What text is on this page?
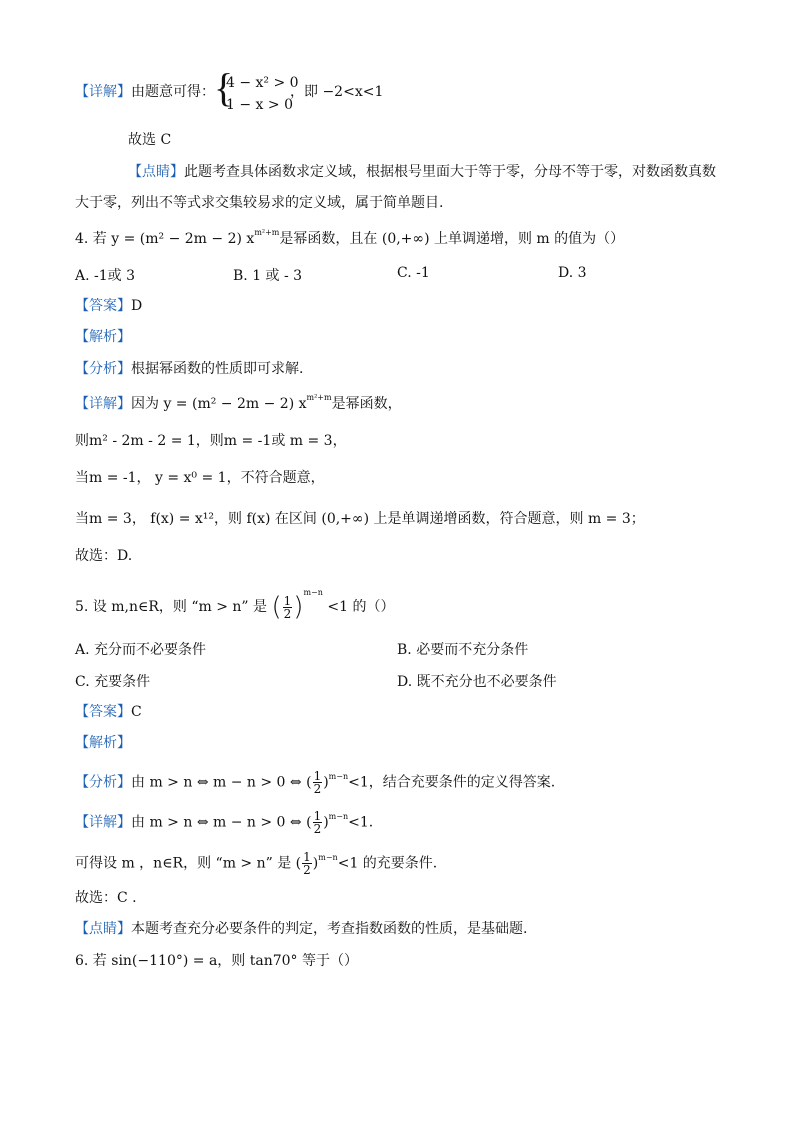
【详解】由题意可得： {
4 − x² > 0
1 − x > 0
，即 −2<x<1
故选 C
【点睛】此题考查具体函数求定义域，根据根号里面大于等于零，分母不等于零，对数函数真数
大于零，列出不等式求交集较易求的定义域，属于简单题目.
4. 若 y = (m² − 2m − 2) $x^{m^2+m}$是幂函数，且在 (0,+∞) 上单调递增，则 m 的值为（）
A. -1或 3	B. 1 或 - 3	C. -1	D. 3
【答案】D
【解析】
【分析】根据幂函数的性质即可求解.
【详解】因为 y = (m² − 2m − 2) $x^{m^2+m}$是幂函数，
则m² - 2m - 2 = 1，则m = -1或 m = 3，
当m = -1， y = x⁰ = 1，不符合题意，
当m = 3， f(x) = x¹²，则 f(x) 在区间 (0,+∞) 上是单调递增函数，符合题意，则 m = 3；
故选：D.
5. 设 m,n∈R，则 “m > n” 是 ( $\frac{1}{2} )^{m-n} <1$ 的（）
A. 充分而不必要条件	B. 必要而不充分条件
C. 充要条件	D. 既不充分也不必要条件
【答案】C
【解析】
【分析】由 m > n ⇔ m − n > 0 ⇔ ( $\frac{1}{2} )^{m-n}<1$，结合充要条件的定义得答案.
【详解】由 m > n ⇔ m − n > 0 ⇔ ( $\frac{1}{2} )^{m-n}<1$.
可得设 m ，n∈R，则 “m > n” 是 ( $\frac{1}{2} )^{m-n}<1$ 的充要条件.
故选：C .
【点睛】本题考查充分必要条件的判定，考查指数函数的性质，是基础题.
6. 若 sin(−110°) = a，则 tan70° 等于（）
